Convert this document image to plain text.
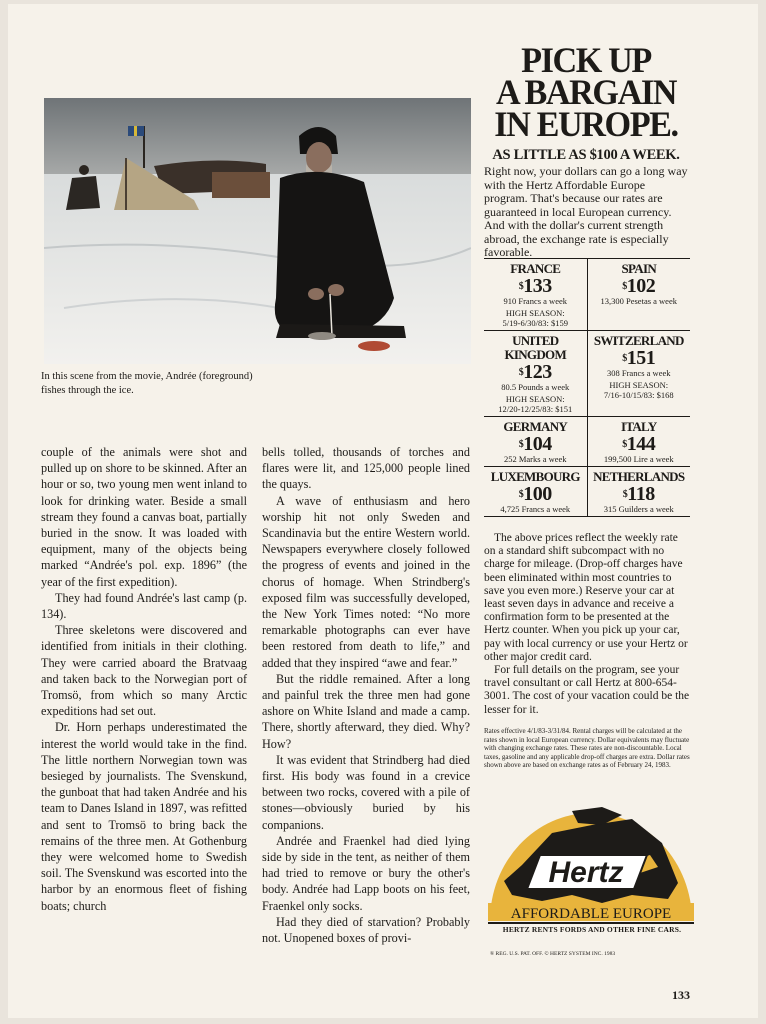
In this scene from the movie, Andrée (foreground) fishes through the ice.

couple of the animals were shot and pulled up on shore to be skinned. After an hour or so, two young men went inland to look for drinking water. Beside a small stream they found a canvas boat, partially buried in the snow. It was loaded with equipment, many of the objects being marked “Andrée's pol. exp. 1896” (the year of the first expedition).

They had found Andrée's last camp (p. 134).

Three skeletons were discovered and identified from initials in their clothing. They were carried aboard the Bratvaag and taken back to the Norwegian port of Tromsö, from which so many Arctic expeditions had set out.

Dr. Horn perhaps underestimated the interest the world would take in the find. The little northern Norwegian town was besieged by journalists. The Svenskund, the gunboat that had taken Andrée and his team to Danes Island in 1897, was refitted and sent to Tromsö to bring back the remains of the three men. At Gothenburg they were welcomed home to Swedish soil. The Svenskund was escorted into the harbor by an enormous fleet of fishing boats; church

bells tolled, thousands of torches and flares were lit, and 125,000 people lined the quays.

A wave of enthusiasm and hero worship hit not only Sweden and Scandinavia but the entire Western world. Newspapers everywhere closely followed the progress of events and joined in the chorus of homage. When Strindberg's exposed film was successfully developed, the New York Times noted: “No more remarkable photographs can ever have been restored from death to life,” and added that they inspired “awe and fear.”

But the riddle remained. After a long and painful trek the three men had gone ashore on White Island and made a camp. There, shortly afterward, they died. Why? How?

It was evident that Strindberg had died first. His body was found in a crevice between two rocks, covered with a pile of stones—obviously buried by his companions.

Andrée and Fraenkel had died lying side by side in the tent, as neither of them had tried to remove or bury the other's body. Andrée had Lapp boots on his feet, Fraenkel only socks.

Had they died of starvation? Probably not. Unopened boxes of provi-

PICK UP
A BARGAIN
IN EUROPE.
AS LITTLE AS $100 A WEEK.
Right now, your dollars can go a long way with the Hertz Affordable Europe program. That's because our rates are guaranteed in local European currency. And with the dollar's current strength abroad, the exchange rate is especially favorable.
FRANCE
$133
910 Francs a week
HIGH SEASON:
5/19-6/30/83: $159
SPAIN
$102
13,300 Pesetas a week
UNITED KINGDOM
$123
80.5 Pounds a week
HIGH SEASON:
12/20-12/25/83: $151
SWITZERLAND
$151
308 Francs a week
HIGH SEASON:
7/16-10/15/83: $168
GERMANY
$104
252 Marks a week
ITALY
$144
199,500 Lire a week
LUXEMBOURG
$100
4,725 Francs a week
NETHERLANDS
$118
315 Guilders a week

The above prices reflect the weekly rate on a standard shift subcompact with no charge for mileage. (Drop-off charges have been eliminated within most countries to save you even more.) Reserve your car at least seven days in advance and receive a confirmation form to be presented at the Hertz counter. When you pick up your car, pay with local currency or use your Hertz or other major credit card.

For full details on the program, see your travel consultant or call Hertz at 800-654-3001. The cost of your vacation could be the lesser for it.

Rates effective 4/1/83-3/31/84. Rental charges will be calculated at the rates shown in local European currency. Dollar equivalents may fluctuate with changing exchange rates. These rates are non-discountable. Local taxes, gasoline and any applicable drop-off charges are extra. Dollar rates shown above are based on exchange rates as of February 24, 1983.
Hertz
AFFORDABLE EUROPE
HERTZ RENTS FORDS AND OTHER FINE CARS.
® REG. U.S. PAT. OFF. © HERTZ SYSTEM INC. 1983
133
